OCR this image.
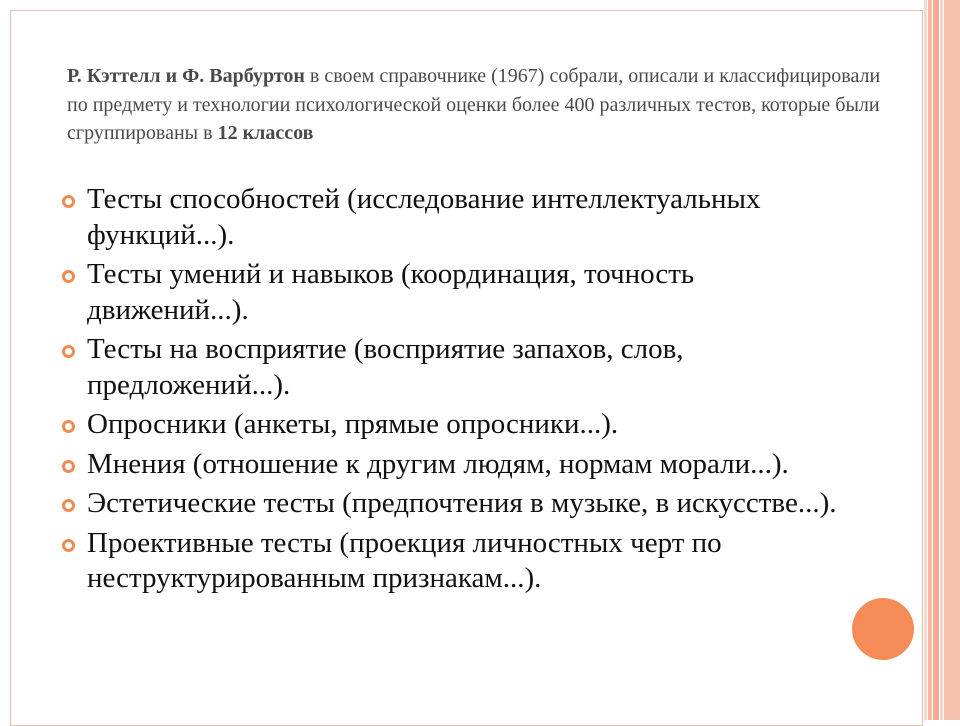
Р. Кэттелл и Ф. Варбуртон в своем справочнике (1967) собрали, описали и классифицировали по предмету и технологии психологической оценки более 400 различных тестов, которые были сгруппированы в 12 классов
Тесты способностей (исследование интеллектуальных функций...).
Тесты умений и навыков (координация, точность движений...).
Тесты на восприятие (восприятие запахов, слов, предложений...).
Опросники (анкеты, прямые опросники...).
Мнения (отношение к другим людям, нормам морали...).
Эстетические тесты (предпочтения в музыке, в искусстве...).
Проективные тесты (проекция личностных черт по неструктурированным признакам...).
